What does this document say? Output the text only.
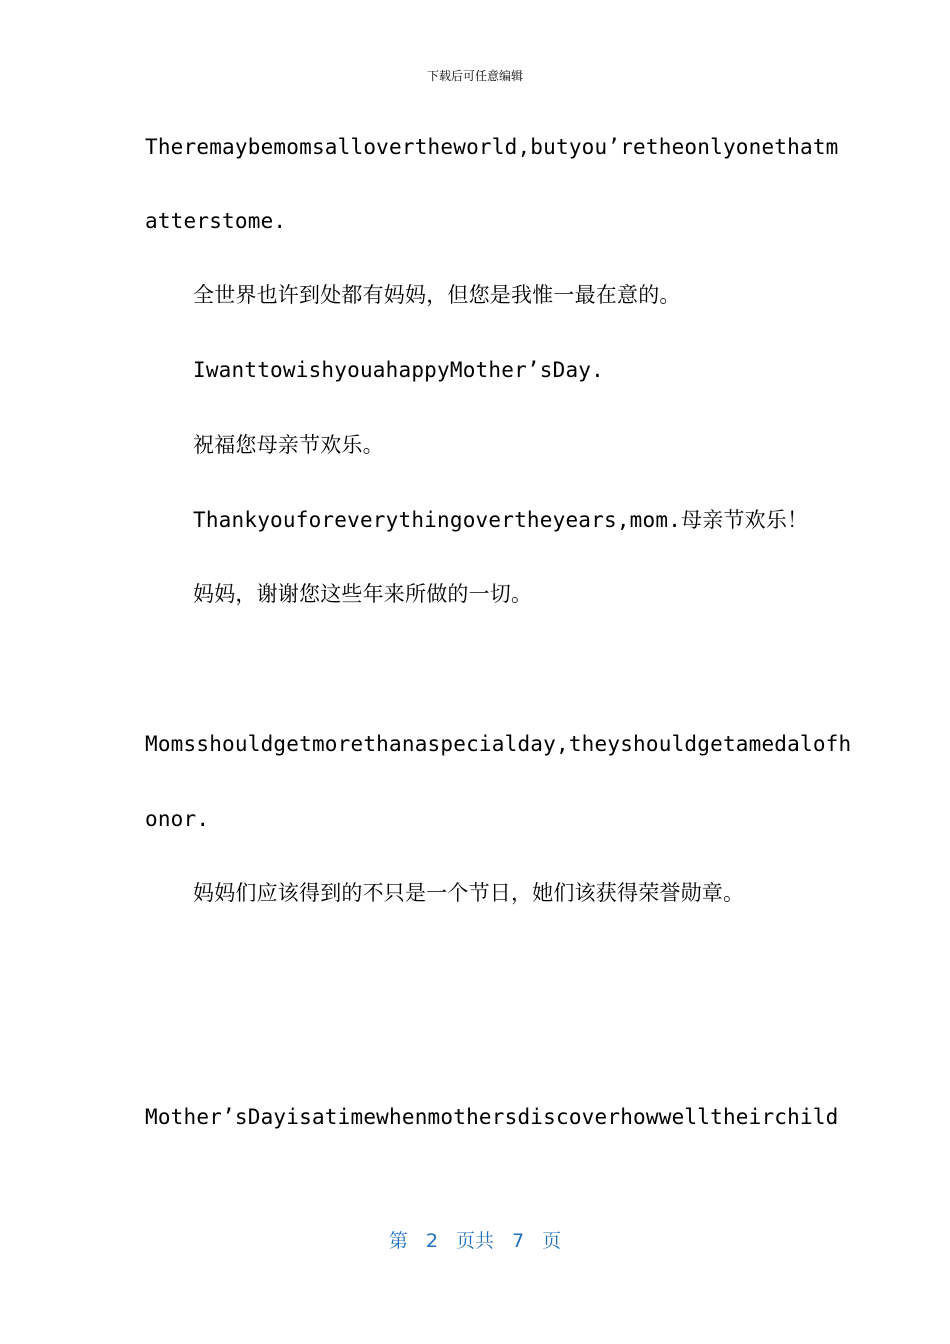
下载后可任意编辑
Theremaybemomsallovertheworld,butyou’retheonlyonethatm
atterstome.
全世界也许到处都有妈妈，但您是我惟一最在意的。
IwanttowishyouahappyMother’sDay.
祝福您母亲节欢乐。
Thankyouforeverythingovertheyears,mom.母亲节欢乐！
妈妈，谢谢您这些年来所做的一切。
Momsshouldgetmorethanaspecialday,theyshouldgetamedalofh
onor.
妈妈们应该得到的不只是一个节日，她们该获得荣誉勋章。
Mother’sDayisatimewhenmothersdiscoverhowwelltheirchild
第 2 页共 7 页
